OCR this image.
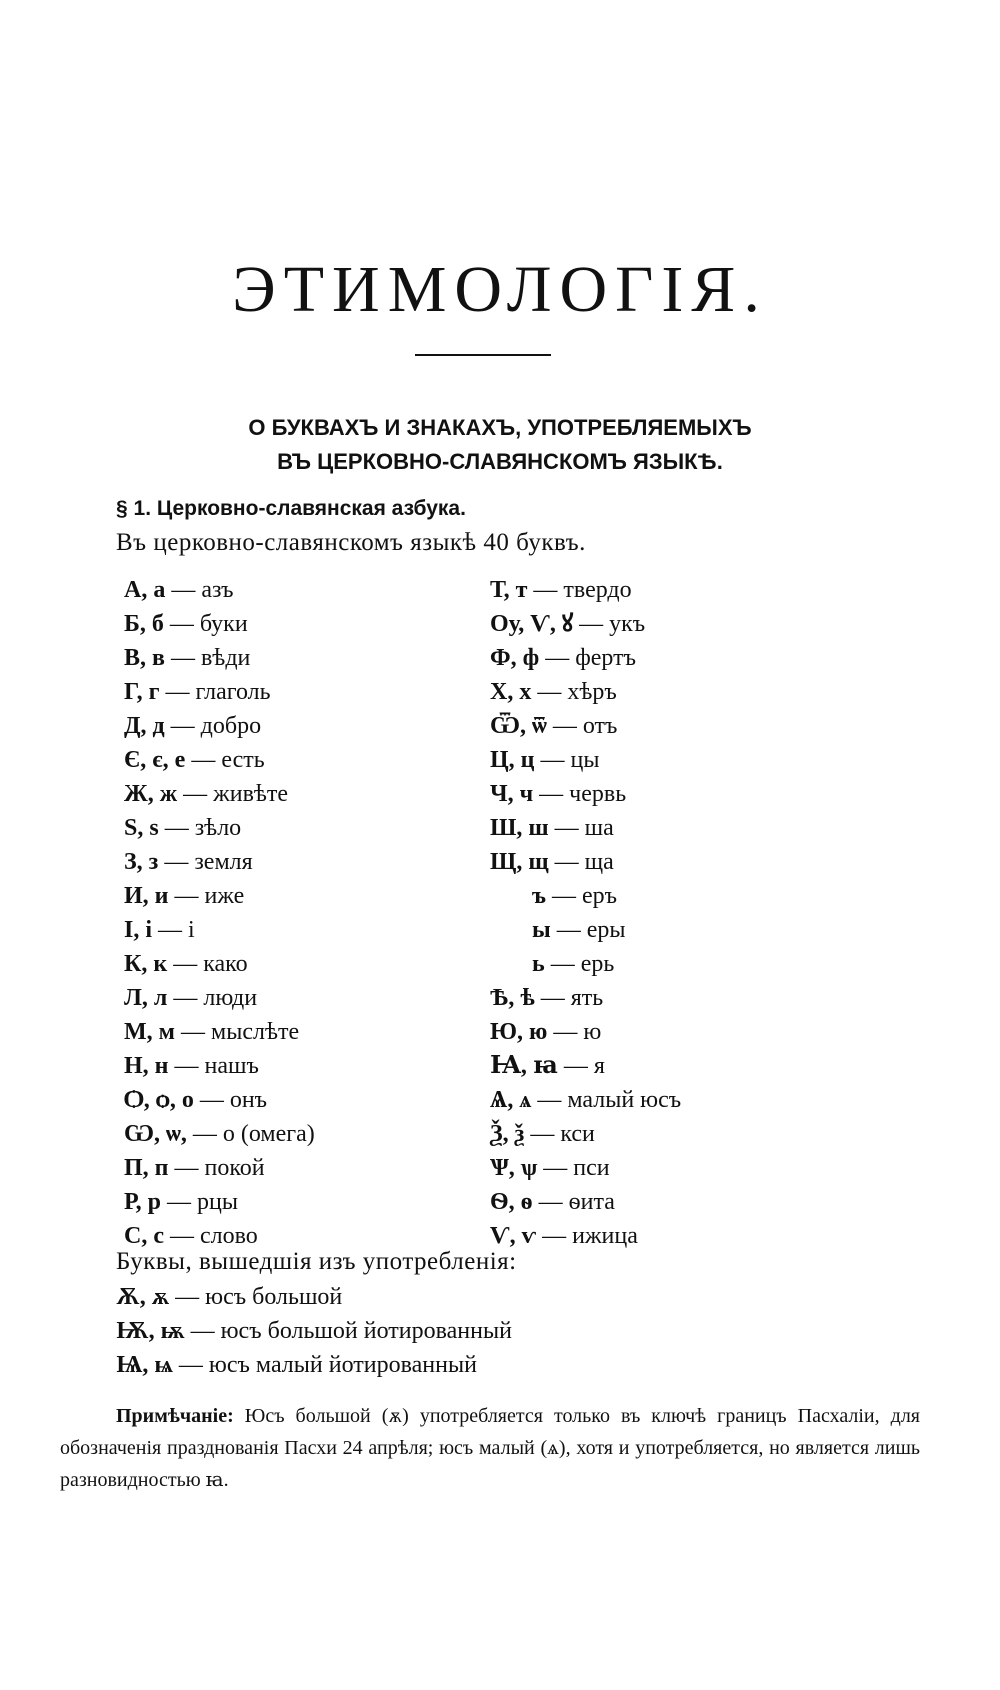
ЭТИМОЛОГІЯ.
О БУКВАХЪ И ЗНАКАХЪ, УПОТРЕБЛЯЕМЫХЪ
ВЪ ЦЕРКОВНО-СЛАВЯНСКОМЪ ЯЗЫКѢ.
§ 1. Церковно-славянская азбука.
Въ церковно-славянскомъ языкѣ 40 буквъ.
А, а — азъ
Б, б — буки
В, в — вѣди
Г, г — глаголь
Д, д — добро
Є, є, е — есть
Ж, ж — живѣте
Ѕ, ѕ — зѣло
З, з — земля
И, и — иже
І, і — і
К, к — како
Л, л — люди
М, м — мыслѣте
Н, н — нашъ
Ѻ, ѻ, о — онъ
Ѡ, ѡ, — о (омега)
П, п — покой
Р, р — рцы
С, с — слово
Т, т — твердо
Оу, Ѵ, ꙋ — укъ
Ф, ф — фертъ
Х, х — хѣръ
Ѿ, ѿ — отъ
Ц, ц — цы
Ч, ч — червь
Ш, ш — ша
Щ, щ — ща
ъ — еръ
ы — еры
ь — ерь
Ѣ, ѣ — ять
Ю, ю — ю
Ꙗ, ꙗ — я
Ѧ, ѧ — малый юсъ
Ѯ, ѯ — кси
Ѱ, ѱ — пси
Ѳ, ѳ — ѳита
Ѵ, ѵ — ижица
Буквы, вышедшія изъ употребленія:
Ѫ, ѫ — юсъ большой
Ѭ, ѭ — юсъ большой йотированный
Ѩ, ѩ — юсъ малый йотированный
Примѣчаніе: Юсъ большой (ѫ) употребляется только въ ключѣ границъ Пасхаліи, для обозначенія празднованія Пасхи 24 апрѣля; юсъ малый (ѧ), хотя и употребляется, но является лишь разновидностью ꙗ.
